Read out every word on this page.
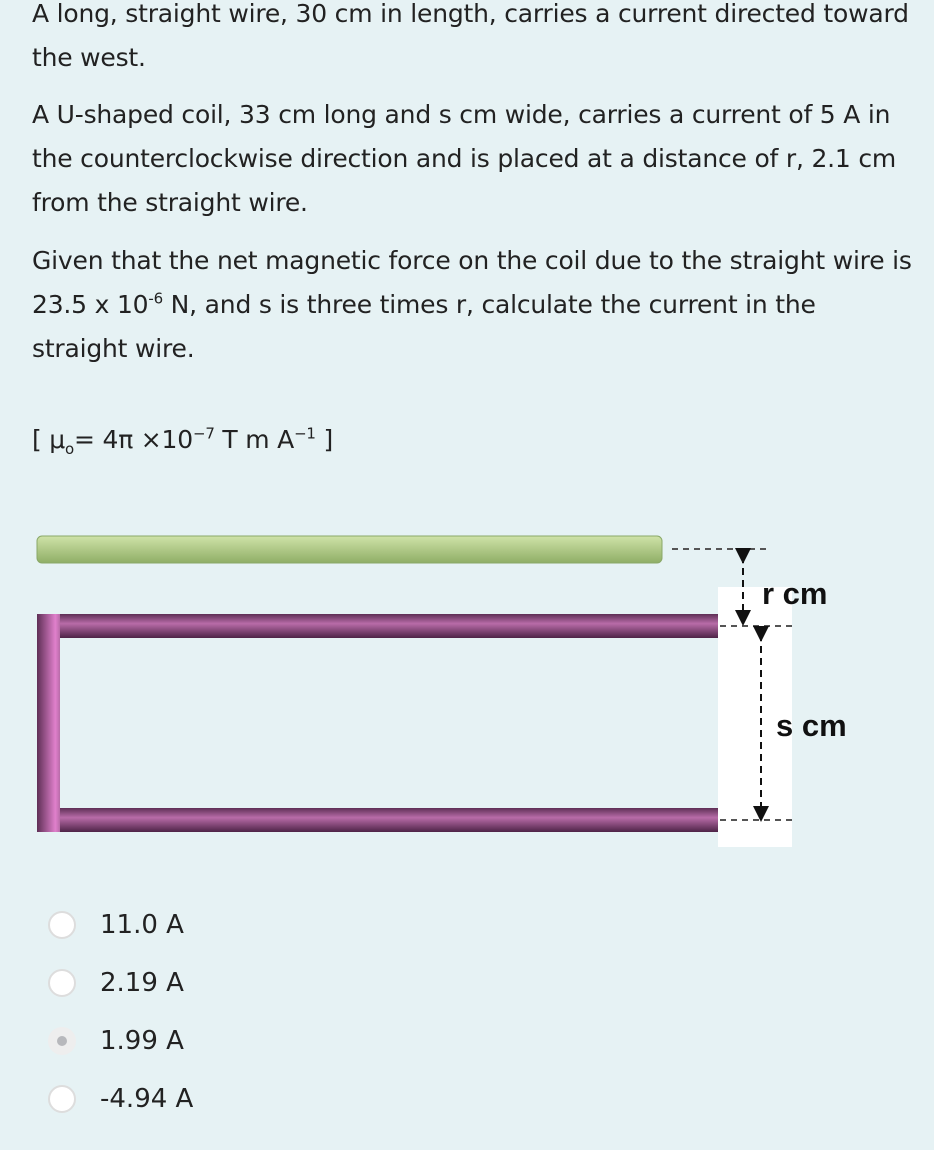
A long, straight wire, 30 cm in length, carries a current directed toward the west.

A U-shaped coil, 33 cm long and s cm wide, carries a current of 5 A in the counterclockwise direction and is placed at a distance of r, 2.1 cm from the straight wire.

Given that the net magnetic force on the coil due to the straight wire is 23.5 x $10^{-6}$ N, and s is three times r, calculate the current in the straight wire.

[ $\mu_o= 4\pi \times 10^{-7}$ T m $A^{-1}$ ]

r cm
s cm
11.0 A
2.19 A
1.99 A
-4.94 A
